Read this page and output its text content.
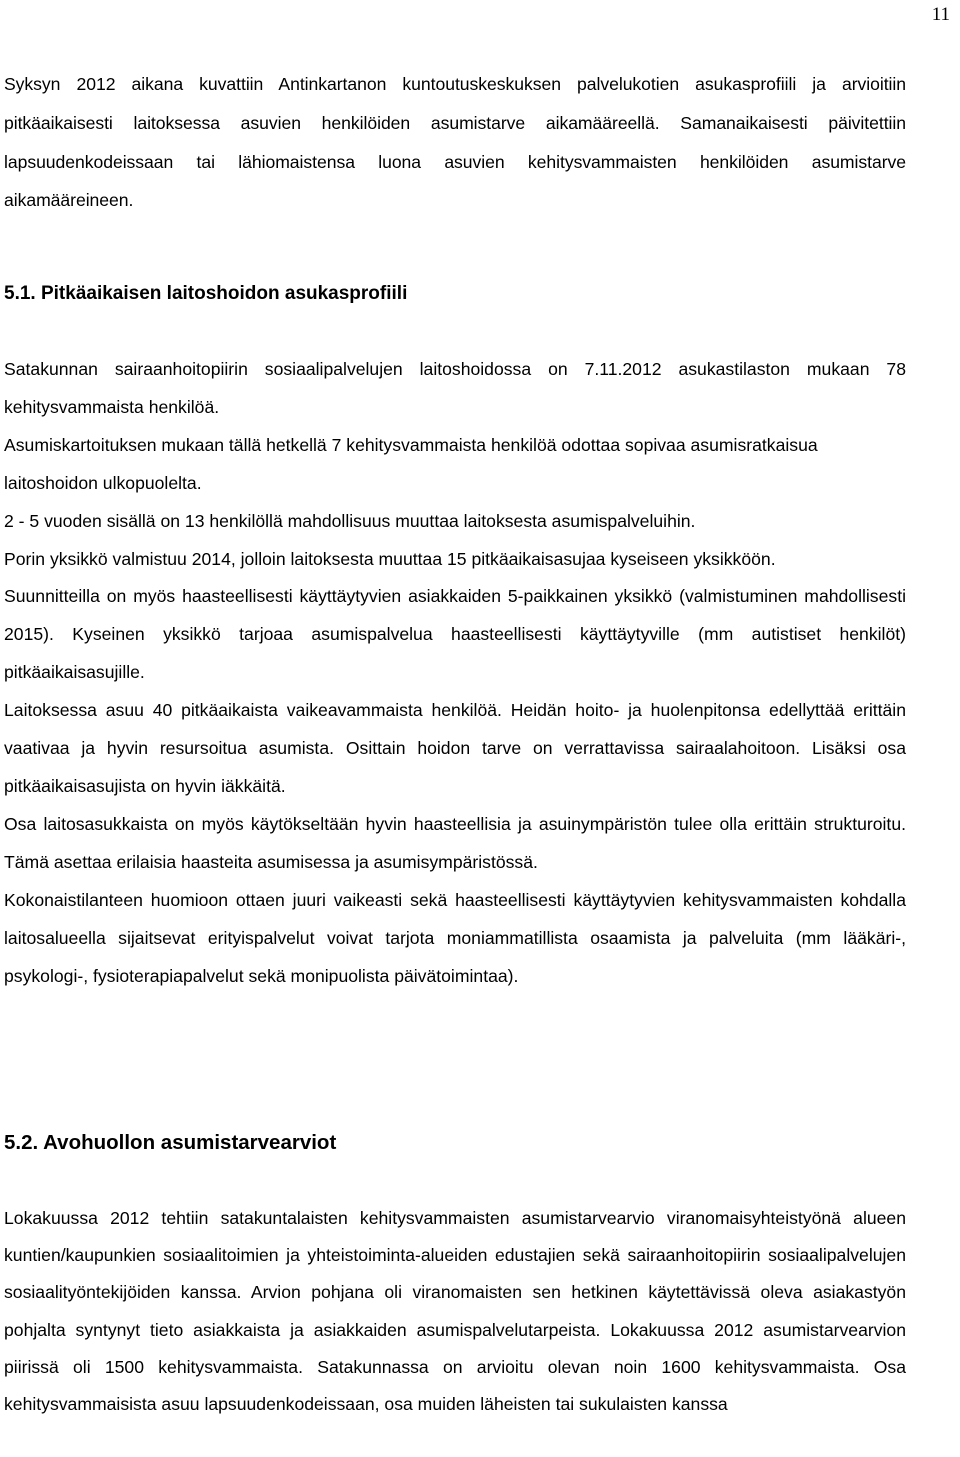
11

Syksyn 2012 aikana kuvattiin Antinkartanon kuntoutuskeskuksen palvelukotien asukasprofiili ja arvioitiin pitkäaikaisesti laitoksessa asuvien henkilöiden asumistarve aikamääreellä. Samanaikaisesti päivitettiin lapsuudenkodeissaan tai lähiomaistensa luona asuvien kehitysvammaisten henkilöiden asumistarve aikamääreineen.

5.1. Pitkäaikaisen laitoshoidon asukasprofiili

Satakunnan sairaanhoitopiirin sosiaalipalvelujen laitoshoidossa on 7.11.2012 asukastilaston mukaan 78 kehitysvammaista henkilöä.

Asumiskartoituksen mukaan tällä hetkellä 7 kehitysvammaista henkilöä odottaa sopivaa asumisratkaisua laitoshoidon ulkopuolelta.

2 - 5 vuoden sisällä on 13 henkilöllä mahdollisuus muuttaa laitoksesta asumispalveluihin.

Porin yksikkö valmistuu 2014, jolloin laitoksesta muuttaa 15 pitkäaikaisasujaa kyseiseen yksikköön.

Suunnitteilla on myös haasteellisesti käyttäytyvien asiakkaiden 5-paikkainen yksikkö (valmistuminen mahdollisesti 2015). Kyseinen yksikkö tarjoaa asumispalvelua haasteellisesti käyttäytyville (mm autistiset henkilöt) pitkäaikaisasujille.

Laitoksessa asuu 40 pitkäaikaista vaikeavammaista henkilöä. Heidän hoito- ja huolenpitonsa edellyttää erittäin vaativaa ja hyvin resursoitua asumista. Osittain hoidon tarve on verrattavissa sairaalahoitoon. Lisäksi osa pitkäaikaisasujista on hyvin iäkkäitä.

Osa laitosasukkaista on myös käytökseltään hyvin haasteellisia ja asuinympäristön tulee olla erittäin strukturoitu. Tämä asettaa erilaisia haasteita asumisessa ja asumisympäristössä.

Kokonaistilanteen huomioon ottaen juuri vaikeasti sekä haasteellisesti käyttäytyvien kehitysvammaisten kohdalla laitosalueella sijaitsevat erityispalvelut voivat tarjota moniammatillista osaamista ja palveluita (mm lääkäri-, psykologi-, fysioterapiapalvelut sekä monipuolista päivätoimintaa).

5.2. Avohuollon asumistarvearviot

Lokakuussa 2012 tehtiin satakuntalaisten kehitysvammaisten asumistarvearvio viranomaisyhteistyönä alueen kuntien/kaupunkien sosiaalitoimien ja yhteistoiminta-alueiden edustajien sekä sairaanhoitopiirin sosiaalipalvelujen sosiaalityöntekijöiden kanssa. Arvion pohjana oli viranomaisten sen hetkinen käytettävissä oleva asiakastyön pohjalta syntynyt tieto asiakkaista ja asiakkaiden asumispalvelutarpeista. Lokakuussa 2012 asumistarvearvion piirissä oli 1500 kehitysvammaista. Satakunnassa on arvioitu olevan noin 1600 kehitysvammaista. Osa kehitysvammaisista asuu lapsuudenkodeissaan, osa muiden läheisten tai sukulaisten kanssa
